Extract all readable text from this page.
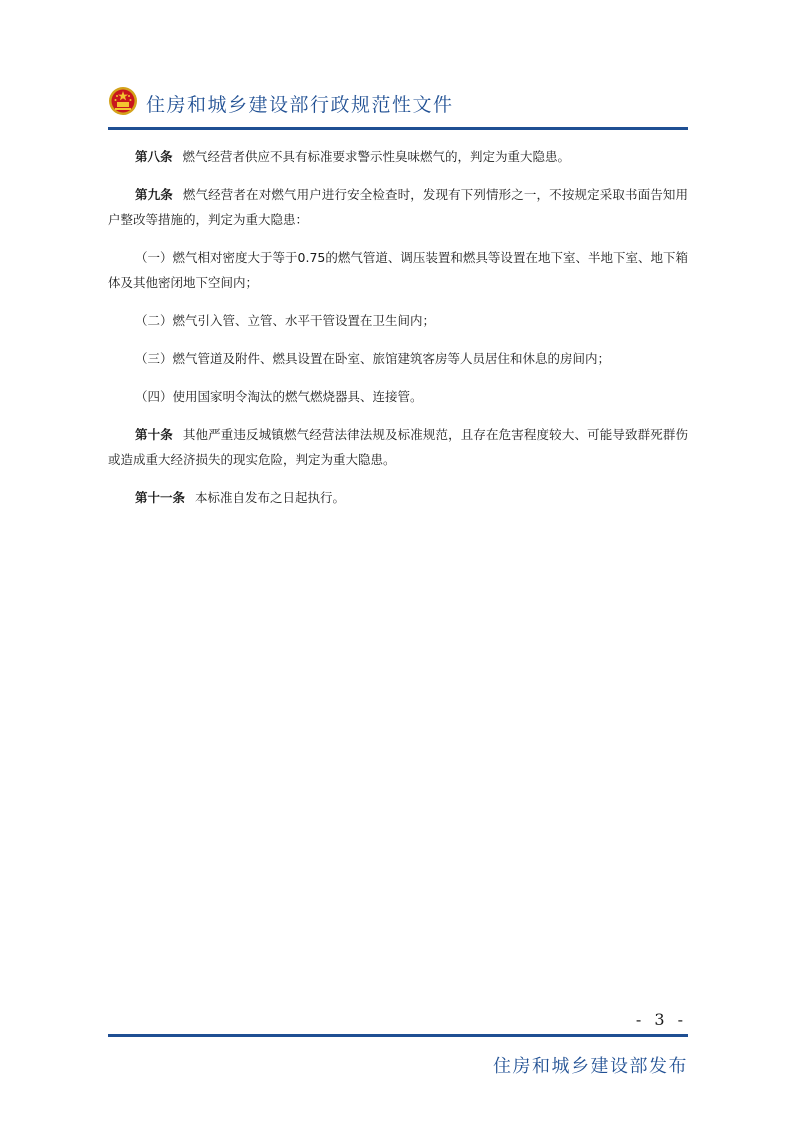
住房和城乡建设部行政规范性文件

第八条 燃气经营者供应不具有标准要求警示性臭味燃气的，判定为重大隐患。

第九条 燃气经营者在对燃气用户进行安全检查时，发现有下列情形之一，不按规定采取书面告知用户整改等措施的，判定为重大隐患：

（一）燃气相对密度大于等于0.75的燃气管道、调压装置和燃具等设置在地下室、半地下室、地下箱体及其他密闭地下空间内；

（二）燃气引入管、立管、水平干管设置在卫生间内；

（三）燃气管道及附件、燃具设置在卧室、旅馆建筑客房等人员居住和休息的房间内；

（四）使用国家明令淘汰的燃气燃烧器具、连接管。

第十条 其他严重违反城镇燃气经营法律法规及标准规范，且存在危害程度较大、可能导致群死群伤或造成重大经济损失的现实危险，判定为重大隐患。

第十一条 本标准自发布之日起执行。

- 3 -
住房和城乡建设部发布
